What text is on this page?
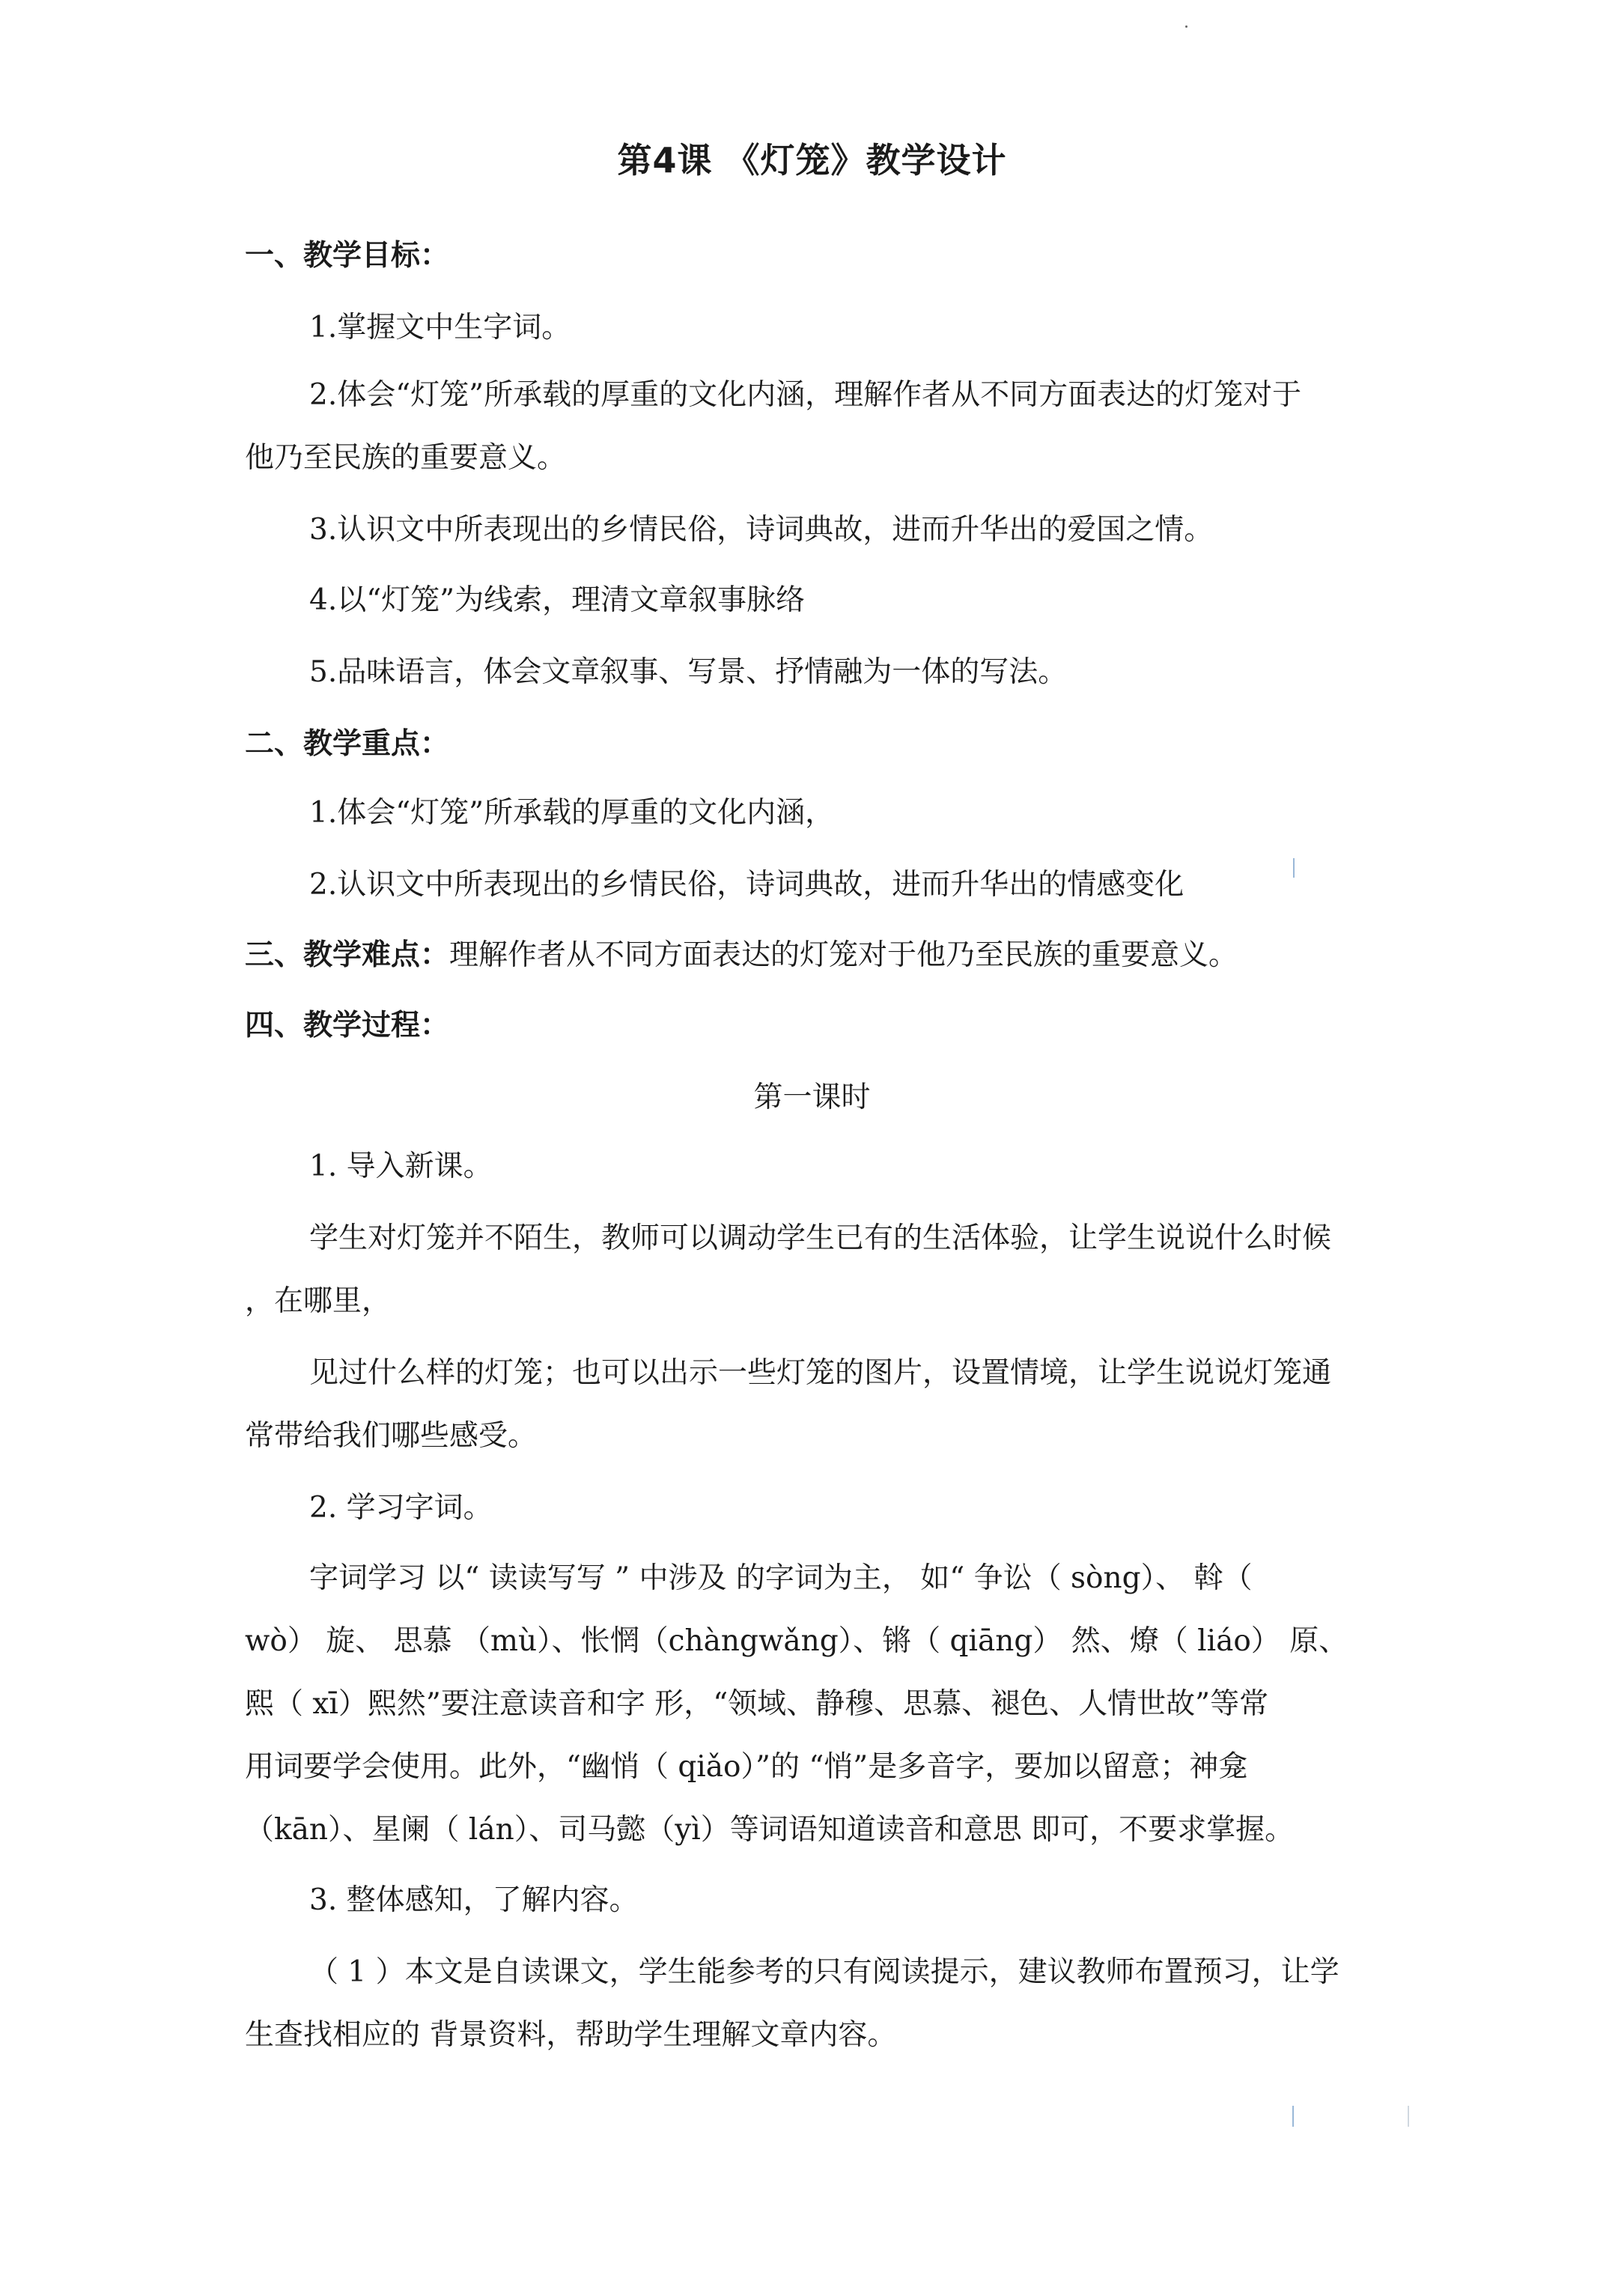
第4课 《灯笼》教学设计
一、教学目标：
1.掌握文中生字词。
2.体会“灯笼”所承载的厚重的文化内涵，理解作者从不同方面表达的灯笼对于
他乃至民族的重要意义。
3.认识文中所表现出的乡情民俗，诗词典故，进而升华出的爱国之情。
4.以“灯笼”为线索，理清文章叙事脉络
5.品味语言，体会文章叙事、写景、抒情融为一体的写法。
二、教学重点：
1.体会“灯笼”所承载的厚重的文化内涵，
2.认识文中所表现出的乡情民俗，诗词典故，进而升华出的情感变化
三、教学难点：理解作者从不同方面表达的灯笼对于他乃至民族的重要意义。
四、教学过程：
第一课时
1. 导入新课。
学生对灯笼并不陌生，教师可以调动学生已有的生活体验，让学生说说什么时候
，在哪里，
见过什么样的灯笼；也可以出示一些灯笼的图片，设置情境，让学生说说灯笼通
常带给我们哪些感受。
2. 学习字词。
字词学习 以“ 读读写写 ” 中涉及 的字词为主， 如“ 争讼（ sòng）、 斡（
wò） 旋、 思慕 （mù）、怅惘（chàngwǎng）、锵（ qiāng） 然、燎（ liáo） 原、
熙（ xī）熙然”要注意读音和字 形，“领域、静穆、思慕、褪色、人情世故”等常
用词要学会使用。此外，“幽悄（ qiǎo）”的 “悄”是多音字，要加以留意；神龛
（kān）、星阑（ lán）、司马懿（yì）等词语知道读音和意思 即可，不要求掌握。
3. 整体感知，了解内容。
（ 1 ）本文是自读课文，学生能参考的只有阅读提示，建议教师布置预习，让学
生查找相应的 背景资料，帮助学生理解文章内容。
